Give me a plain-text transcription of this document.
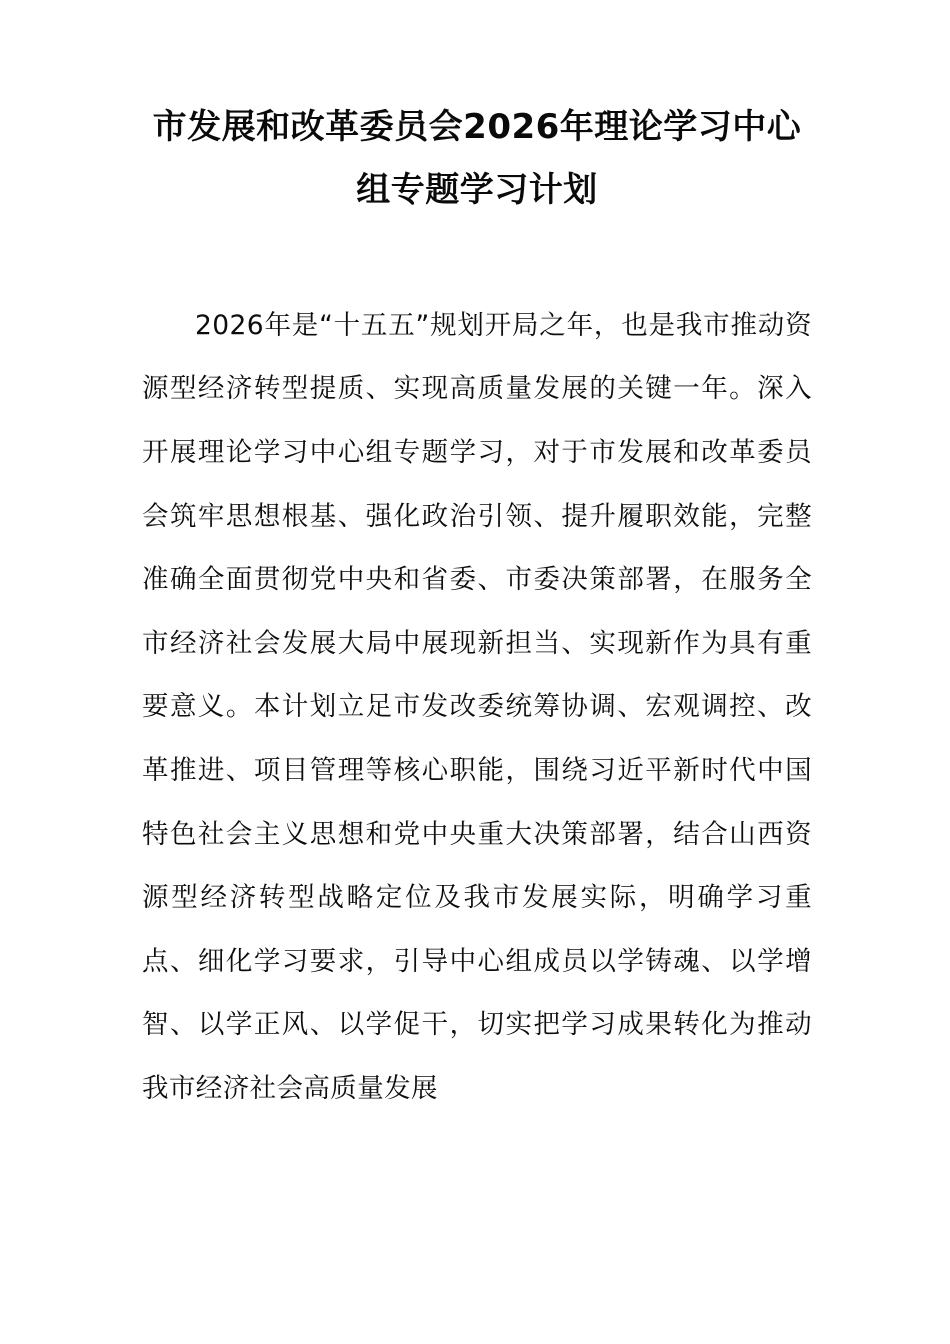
市发展和改革委员会2026年理论学习中心组专题学习计划

2026年是“十五五”规划开局之年，也是我市推动资源型经济转型提质、实现高质量发展的关键一年。深入开展理论学习中心组专题学习，对于市发展和改革委员会筑牢思想根基、强化政治引领、提升履职效能，完整准确全面贯彻党中央和省委、市委决策部署，在服务全市经济社会发展大局中展现新担当、实现新作为具有重要意义。本计划立足市发改委统筹协调、宏观调控、改革推进、项目管理等核心职能，围绕习近平新时代中国特色社会主义思想和党中央重大决策部署，结合山西资源型经济转型战略定位及我市发展实际，明确学习重点、细化学习要求，引导中心组成员以学铸魂、以学增智、以学正风、以学促干，切实把学习成果转化为推动我市经济社会高质量发展
